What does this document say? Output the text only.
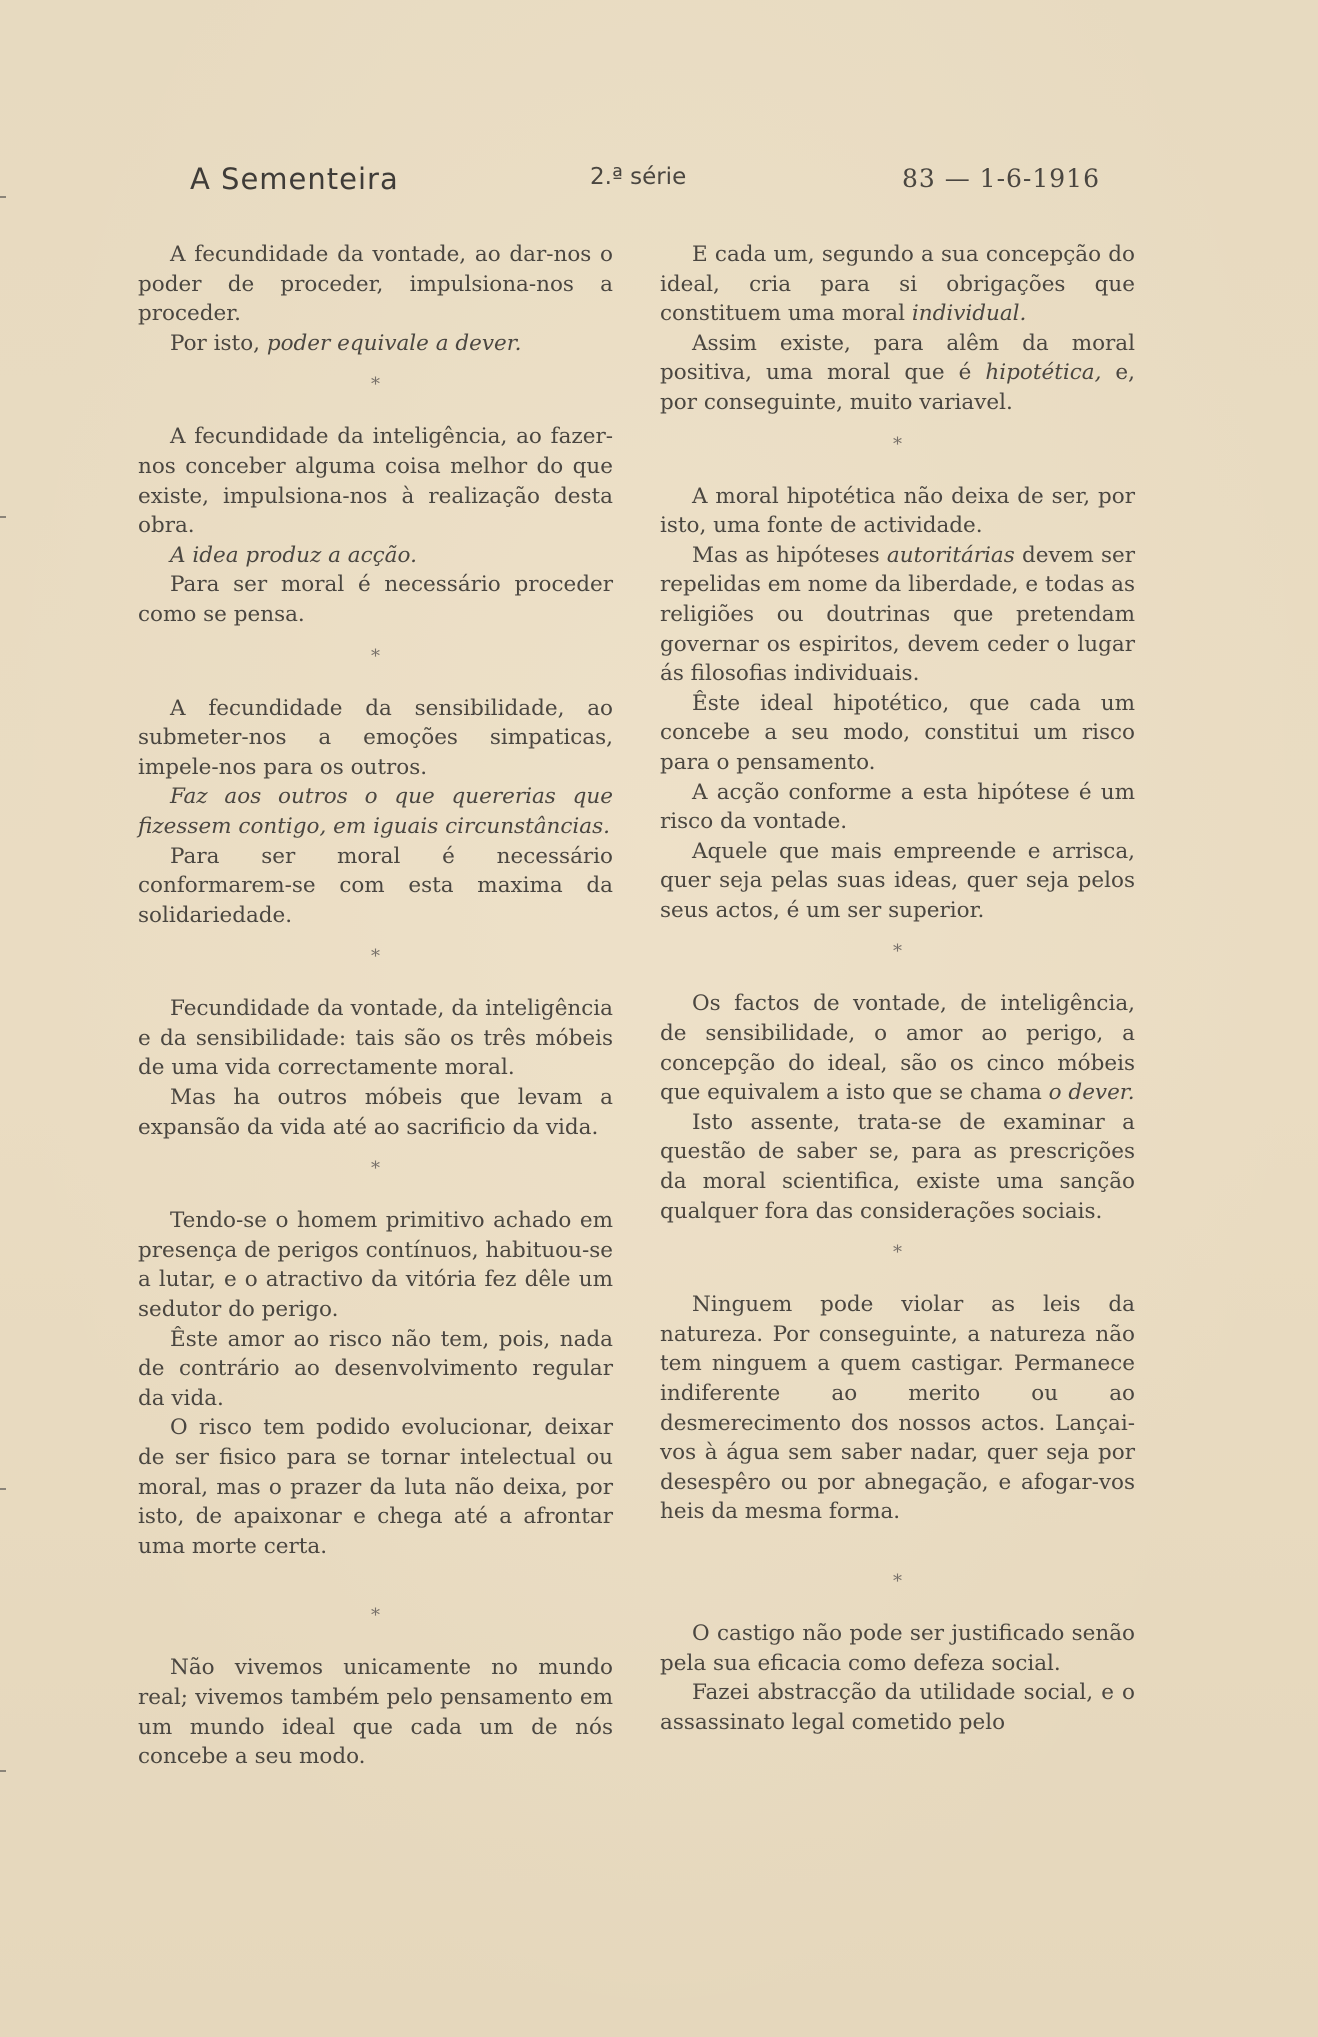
A Sementeira	2.ª série	83 — 1-6-1916

A fecundidade da vontade, ao dar-nos o poder de proceder, impulsiona-nos a proceder.

Por isto, poder equivale a dever.

*

A fecundidade da inteligência, ao fazer-nos conceber alguma coisa melhor do que existe, impulsiona-nos à realização desta obra.

A idea produz a acção.

Para ser moral é necessário proceder como se pensa.

*

A fecundidade da sensibilidade, ao submeter-nos a emoções simpaticas, impele-nos para os outros.

Faz aos outros o que quererias que fizessem contigo, em iguais circunstâncias.

Para ser moral é necessário conformarem-se com esta maxima da solidariedade.

*

Fecundidade da vontade, da inteligência e da sensibilidade: tais são os três móbeis de uma vida correctamente moral.

Mas ha outros móbeis que levam a expansão da vida até ao sacrificio da vida.

*

Tendo-se o homem primitivo achado em presença de perigos contínuos, habituou-se a lutar, e o atractivo da vitória fez dêle um sedutor do perigo.

Êste amor ao risco não tem, pois, nada de contrário ao desenvolvimento regular da vida.

O risco tem podido evolucionar, deixar de ser fisico para se tornar intelectual ou moral, mas o prazer da luta não deixa, por isto, de apaixonar e chega até a afrontar uma morte certa.

*

Não vivemos unicamente no mundo real; vivemos também pelo pensamento em um mundo ideal que cada um de nós concebe a seu modo.

E cada um, segundo a sua concepção do ideal, cria para si obrigações que constituem uma moral individual.

Assim existe, para alêm da moral positiva, uma moral que é hipotética, e, por conseguinte, muito variavel.

*

A moral hipotética não deixa de ser, por isto, uma fonte de actividade.

Mas as hipóteses autoritárias devem ser repelidas em nome da liberdade, e todas as religiões ou doutrinas que pretendam governar os espiritos, devem ceder o lugar ás filosofias individuais.

Êste ideal hipotético, que cada um concebe a seu modo, constitui um risco para o pensamento.

A acção conforme a esta hipótese é um risco da vontade.

Aquele que mais empreende e arrisca, quer seja pelas suas ideas, quer seja pelos seus actos, é um ser superior.

*

Os factos de vontade, de inteligência, de sensibilidade, o amor ao perigo, a concepção do ideal, são os cinco móbeis que equivalem a isto que se chama o dever.

Isto assente, trata-se de examinar a questão de saber se, para as prescrições da moral scientifica, existe uma sanção qualquer fora das considerações sociais.

*

Ninguem pode violar as leis da natureza. Por conseguinte, a natureza não tem ninguem a quem castigar. Permanece indiferente ao merito ou ao desmerecimento dos nossos actos. Lançai-vos à água sem saber nadar, quer seja por desespêro ou por abnegação, e afogar-vos heis da mesma forma.

*

O castigo não pode ser justificado senão pela sua eficacia como defeza social.

Fazei abstracção da utilidade social, e o assassinato legal cometido pelo
